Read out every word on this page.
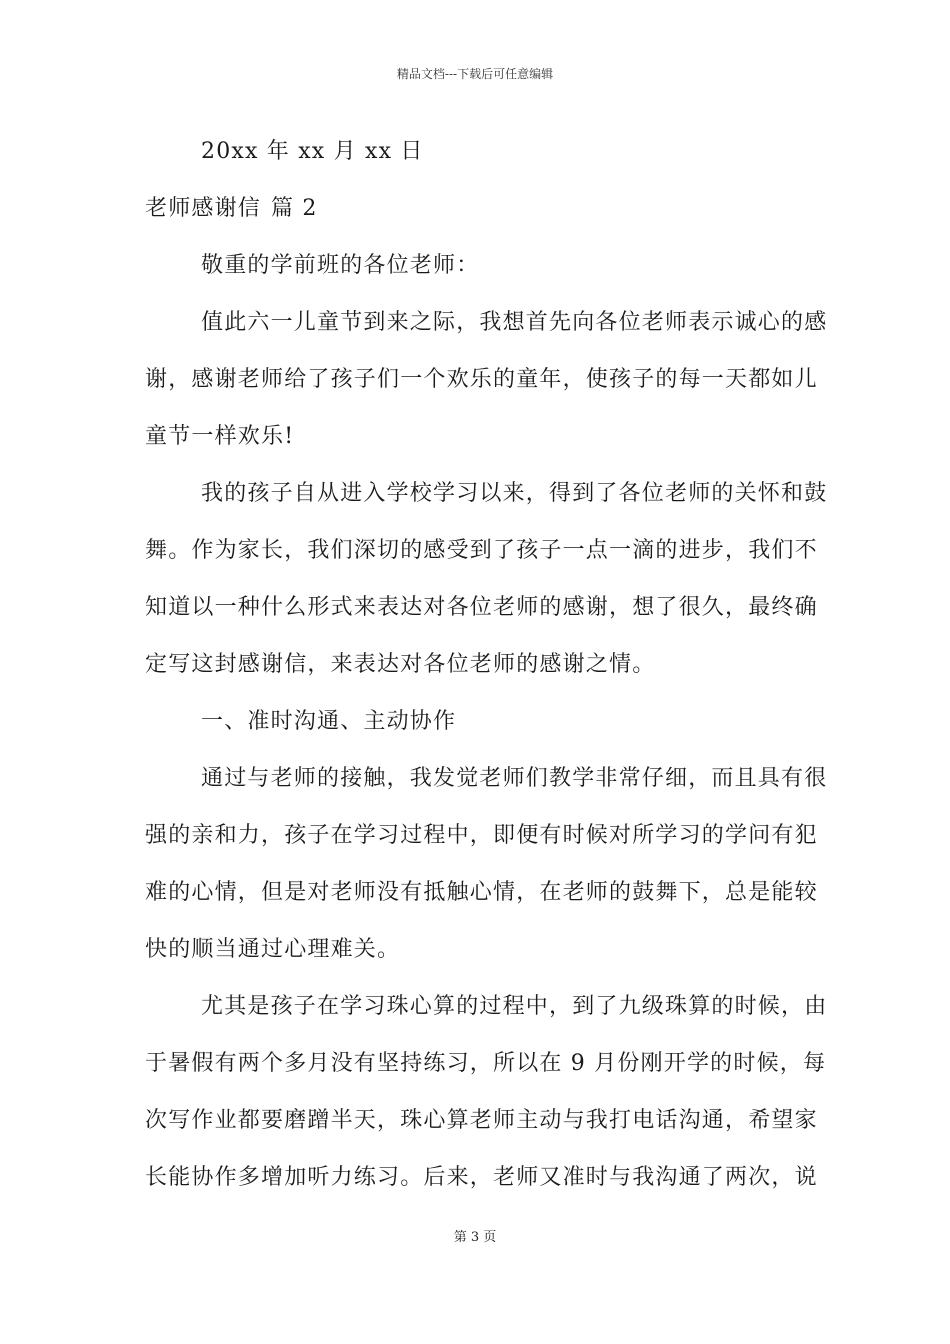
精品文档---下载后可任意编辑
20xx 年 xx 月 xx 日
老师感谢信 篇 2
敬重的学前班的各位老师：
值此六一儿童节到来之际，我想首先向各位老师表示诚心的感
谢，感谢老师给了孩子们一个欢乐的童年，使孩子的每一天都如儿
童节一样欢乐!
我的孩子自从进入学校学习以来，得到了各位老师的关怀和鼓
舞。作为家长，我们深切的感受到了孩子一点一滴的进步，我们不
知道以一种什么形式来表达对各位老师的感谢，想了很久，最终确
定写这封感谢信，来表达对各位老师的感谢之情。
一、准时沟通、主动协作
通过与老师的接触，我发觉老师们教学非常仔细，而且具有很
强的亲和力，孩子在学习过程中，即便有时候对所学习的学问有犯
难的心情，但是对老师没有抵触心情，在老师的鼓舞下，总是能较
快的顺当通过心理难关。
尤其是孩子在学习珠心算的过程中，到了九级珠算的时候，由
于暑假有两个多月没有坚持练习，所以在 9 月份刚开学的时候，每
次写作业都要磨蹭半天，珠心算老师主动与我打电话沟通，希望家
长能协作多增加听力练习。后来，老师又准时与我沟通了两次，说
第 3 页
